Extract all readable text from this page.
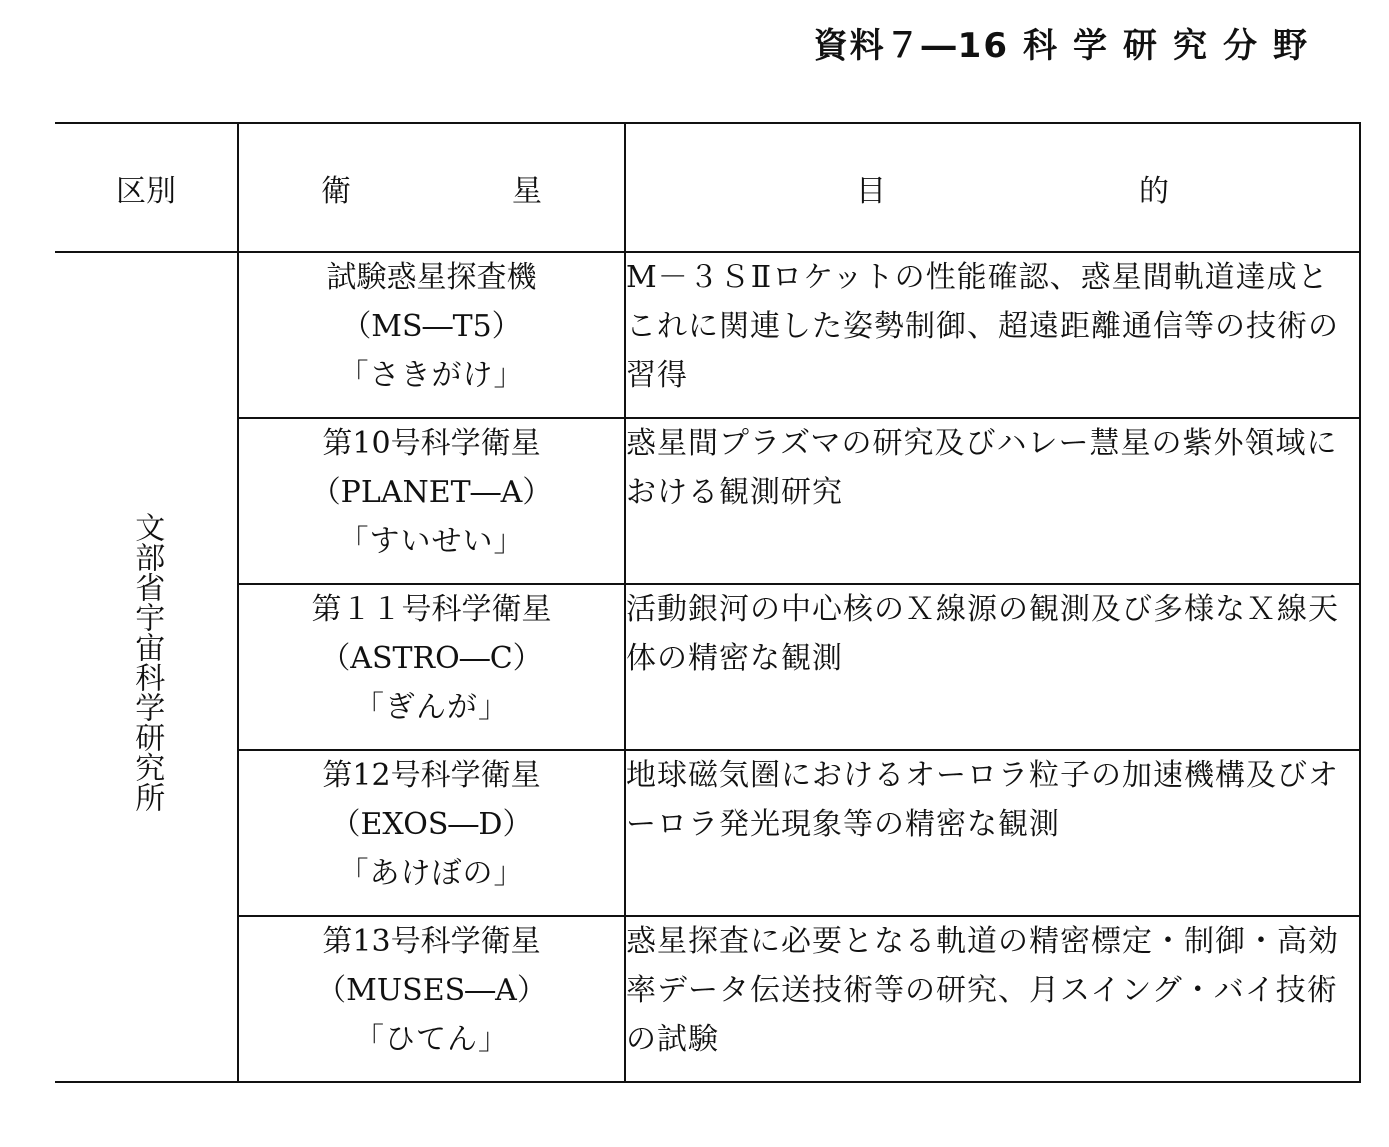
資料７―16 科学研究分野
区別	衛 星	目 的

文部省宇宙科学研究所	試験惑星探査機
（MS―T5）
「さきがけ」	M－３ＳⅡロケットの性能確認、惑星間軌道達成とこれに関連した姿勢制御、超遠距離通信等の技術の習得

	第10号科学衛星
（PLANET―A）
「すいせい」	惑星間プラズマの研究及びハレー慧星の紫外領域における観測研究

	第１１号科学衛星
（ASTRO―C）
「ぎんが」	活動銀河の中心核のＸ線源の観測及び多様なＸ線天体の精密な観測

	第12号科学衛星
（EXOS―D）
「あけぼの」	地球磁気圏におけるオーロラ粒子の加速機構及びオーロラ発光現象等の精密な観測

	第13号科学衛星
（MUSES―A）
「ひてん」	惑星探査に必要となる軌道の精密標定・制御・高効率データ伝送技術等の研究、月スイング・バイ技術の試験
